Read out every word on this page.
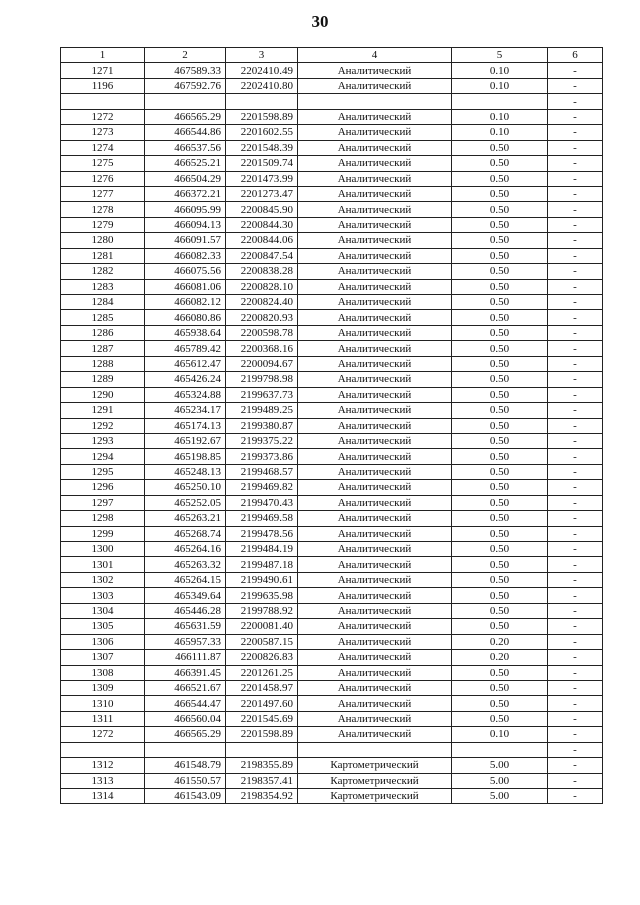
30
1	2	3	4	5	6
1271	467589.33	2202410.49	Аналитический	0.10	-
1196	467592.76	2202410.80	Аналитический	0.10	-
					-
1272	466565.29	2201598.89	Аналитический	0.10	-
1273	466544.86	2201602.55	Аналитический	0.10	-
1274	466537.56	2201548.39	Аналитический	0.50	-
1275	466525.21	2201509.74	Аналитический	0.50	-
1276	466504.29	2201473.99	Аналитический	0.50	-
1277	466372.21	2201273.47	Аналитический	0.50	-
1278	466095.99	2200845.90	Аналитический	0.50	-
1279	466094.13	2200844.30	Аналитический	0.50	-
1280	466091.57	2200844.06	Аналитический	0.50	-
1281	466082.33	2200847.54	Аналитический	0.50	-
1282	466075.56	2200838.28	Аналитический	0.50	-
1283	466081.06	2200828.10	Аналитический	0.50	-
1284	466082.12	2200824.40	Аналитический	0.50	-
1285	466080.86	2200820.93	Аналитический	0.50	-
1286	465938.64	2200598.78	Аналитический	0.50	-
1287	465789.42	2200368.16	Аналитический	0.50	-
1288	465612.47	2200094.67	Аналитический	0.50	-
1289	465426.24	2199798.98	Аналитический	0.50	-
1290	465324.88	2199637.73	Аналитический	0.50	-
1291	465234.17	2199489.25	Аналитический	0.50	-
1292	465174.13	2199380.87	Аналитический	0.50	-
1293	465192.67	2199375.22	Аналитический	0.50	-
1294	465198.85	2199373.86	Аналитический	0.50	-
1295	465248.13	2199468.57	Аналитический	0.50	-
1296	465250.10	2199469.82	Аналитический	0.50	-
1297	465252.05	2199470.43	Аналитический	0.50	-
1298	465263.21	2199469.58	Аналитический	0.50	-
1299	465268.74	2199478.56	Аналитический	0.50	-
1300	465264.16	2199484.19	Аналитический	0.50	-
1301	465263.32	2199487.18	Аналитический	0.50	-
1302	465264.15	2199490.61	Аналитический	0.50	-
1303	465349.64	2199635.98	Аналитический	0.50	-
1304	465446.28	2199788.92	Аналитический	0.50	-
1305	465631.59	2200081.40	Аналитический	0.50	-
1306	465957.33	2200587.15	Аналитический	0.20	-
1307	466111.87	2200826.83	Аналитический	0.20	-
1308	466391.45	2201261.25	Аналитический	0.50	-
1309	466521.67	2201458.97	Аналитический	0.50	-
1310	466544.47	2201497.60	Аналитический	0.50	-
1311	466560.04	2201545.69	Аналитический	0.50	-
1272	466565.29	2201598.89	Аналитический	0.10	-
					-
1312	461548.79	2198355.89	Картометрический	5.00	-
1313	461550.57	2198357.41	Картометрический	5.00	-
1314	461543.09	2198354.92	Картометрический	5.00	-
